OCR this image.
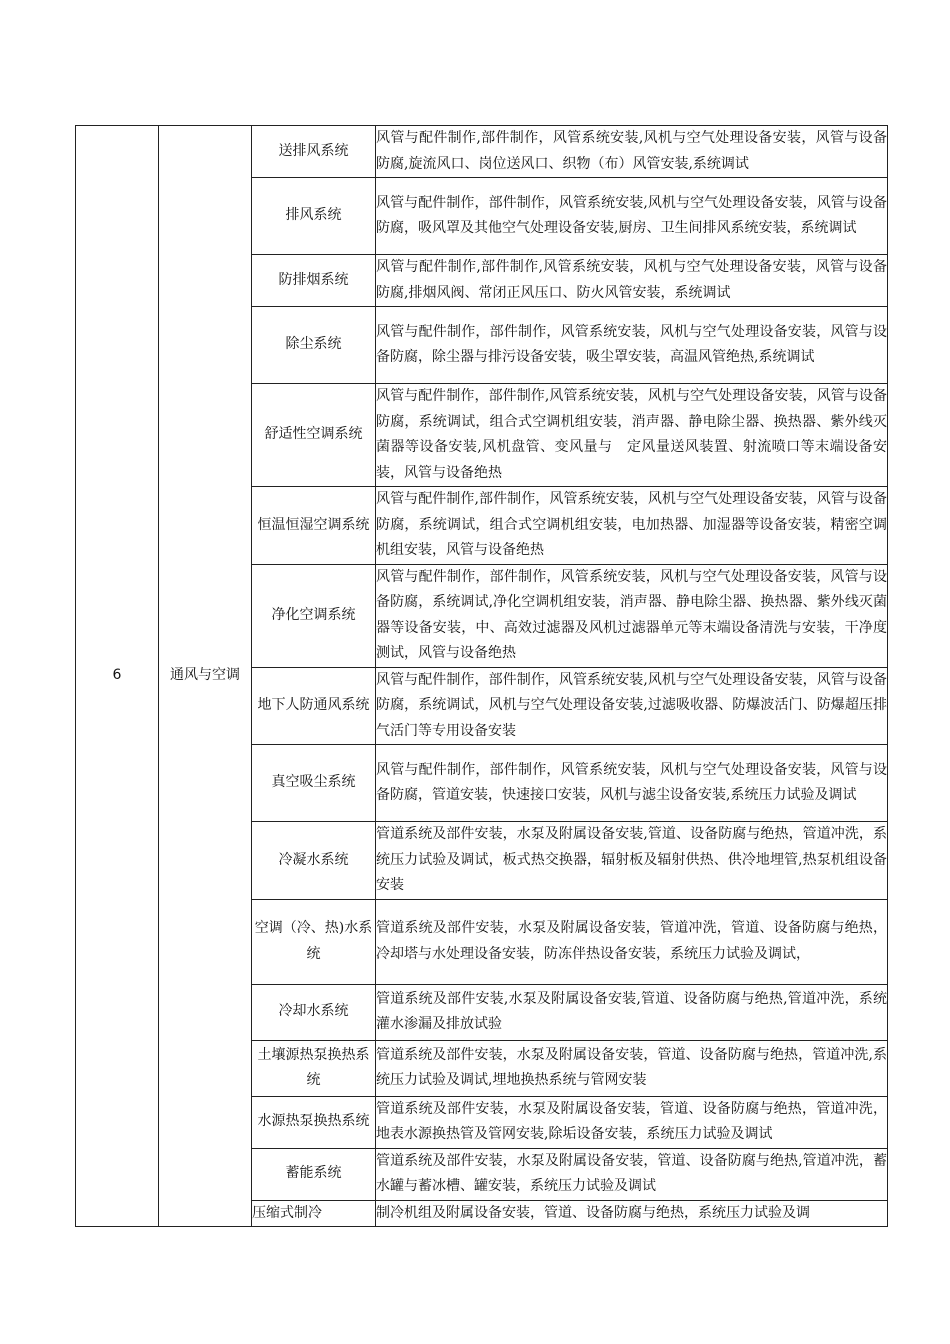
6	通风与空调	送排风系统	风管与配件制作,部件制作，风管系统安装,风机与空气处理设备安装，风管与设备防腐,旋流风口、岗位送风口、织物（布）风管安装,系统调试
		排风系统	风管与配件制作，部件制作，风管系统安装,风机与空气处理设备安装，风管与设备防腐，吸风罩及其他空气处理设备安装,厨房、卫生间排风系统安装，系统调试
		防排烟系统	风管与配件制作,部件制作,风管系统安装，风机与空气处理设备安装，风管与设备防腐,排烟风阀、常闭正风压口、防火风管安装，系统调试
		除尘系统	风管与配件制作，部件制作，风管系统安装，风机与空气处理设备安装，风管与设备防腐，除尘器与排污设备安装，吸尘罩安装，高温风管绝热,系统调试
		舒适性空调系统	风管与配件制作，部件制作,风管系统安装，风机与空气处理设备安装，风管与设备防腐，系统调试，组合式空调机组安装，消声器、静电除尘器、换热器、紫外线灭菌器等设备安装,风机盘管、变风量与　定风量送风装置、射流喷口等末端设备安装，风管与设备绝热
		恒温恒湿空调系统	风管与配件制作,部件制作，风管系统安装，风机与空气处理设备安装，风管与设备防腐，系统调试，组合式空调机组安装，电加热器、加湿器等设备安装，精密空调机组安装，风管与设备绝热
		净化空调系统	风管与配件制作，部件制作，风管系统安装，风机与空气处理设备安装，风管与设备防腐，系统调试,净化空调机组安装，消声器、静电除尘器、换热器、紫外线灭菌器等设备安装，中、高效过滤器及风机过滤器单元等末端设备清洗与安装，干净度测试，风管与设备绝热
		地下人防通风系统	风管与配件制作，部件制作，风管系统安装,风机与空气处理设备安装，风管与设备防腐，系统调试，风机与空气处理设备安装,过滤吸收器、防爆波活门、防爆超压排气活门等专用设备安装
		真空吸尘系统	风管与配件制作，部件制作，风管系统安装，风机与空气处理设备安装，风管与设备防腐，管道安装，快速接口安装，风机与滤尘设备安装,系统压力试验及调试
		冷凝水系统	管道系统及部件安装，水泵及附属设备安装,管道、设备防腐与绝热，管道冲洗，系统压力试验及调试，板式热交换器，辐射板及辐射供热、供冷地埋管,热泵机组设备安装
		空调（冷、热)水系统	管道系统及部件安装，水泵及附属设备安装，管道冲洗，管道、设备防腐与绝热，冷却塔与水处理设备安装，防冻伴热设备安装，系统压力试验及调试，
		冷却水系统	管道系统及部件安装,水泵及附属设备安装,管道、设备防腐与绝热,管道冲洗，系统灌水渗漏及排放试验
		土壤源热泵换热系统	管道系统及部件安装，水泵及附属设备安装，管道、设备防腐与绝热，管道冲洗,系统压力试验及调试,埋地换热系统与管网安装
		水源热泵换热系统	管道系统及部件安装，水泵及附属设备安装，管道、设备防腐与绝热，管道冲洗，地表水源换热管及管网安装,除垢设备安装，系统压力试验及调试
		蓄能系统	管道系统及部件安装，水泵及附属设备安装，管道、设备防腐与绝热,管道冲洗，蓄水罐与蓄冰槽、罐安装，系统压力试验及调试
		压缩式制冷	制冷机组及附属设备安装，管道、设备防腐与绝热，系统压力试验及调
